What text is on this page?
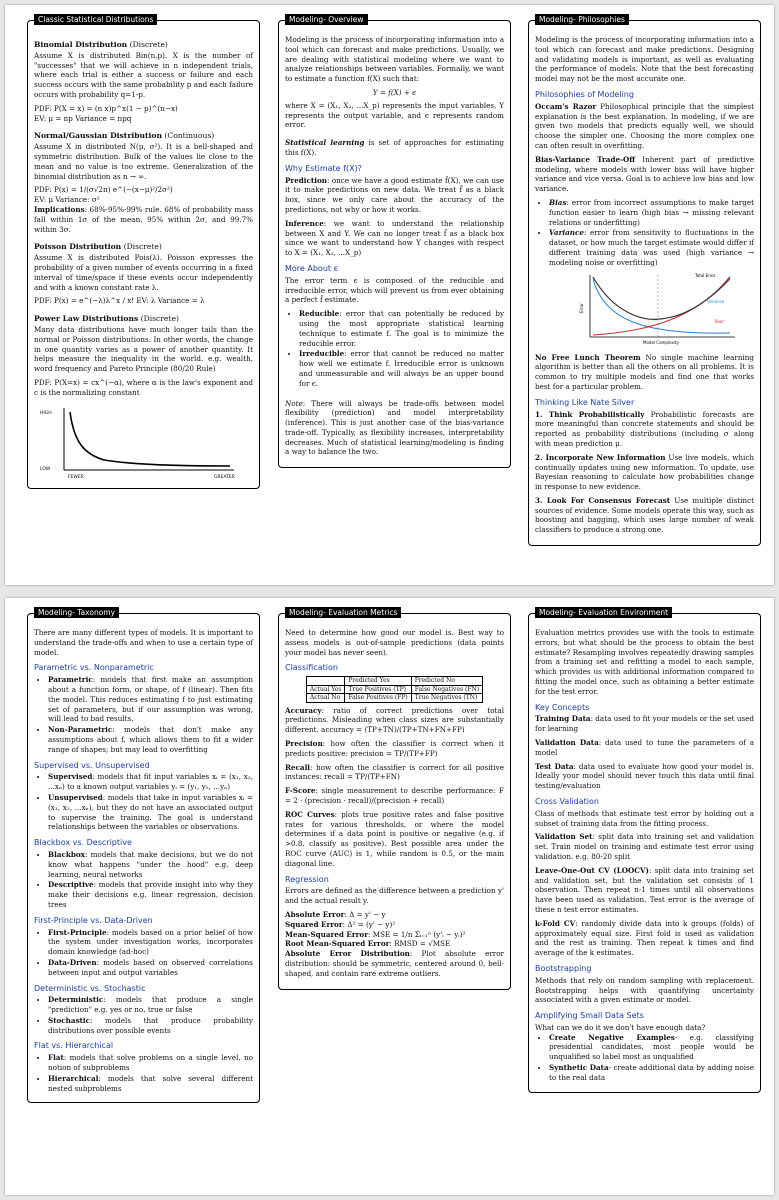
Classic Statistical Distributions
Binomial Distribution (Discrete)

Assume X is distributed Bin(n,p). X is the number of "successes" that we will achieve in n independent trials, where each trial is either a success or failure and each success occurs with the same probability p and each failure occurs with probability q=1-p.

PDF: P(X = x) = (n x)p^x(1 − p)^(n−x)
EV: μ = np Variance = npq
Normal/Gaussian Distribution (Continuous)

Assume X in distributed N(μ, σ²). It is a bell-shaped and symmetric distribution. Bulk of the values lie close to the mean and no value is too extreme. Generalization of the binomial distribution as n → ∞.

PDF: P(x) = 1/(σ√2π) e^(−(x−μ)²/2σ²)
EV: μ Variance: σ²

Implications: 68%-95%-99% rule. 68% of probability mass fall within 1σ of the mean, 95% within 2σ, and 99.7% within 3σ.

Poisson Distribution (Discrete)

Assume X is distributed Pois(λ). Poisson expresses the probability of a given number of events occurring in a fixed interval of time/space if these events occur independently and with a known constant rate λ.

PDF: P(x) = e^(−λ)λ^x / x! EV: λ Variance = λ
Power Law Distributions (Discrete)

Many data distributions have much longer tails than the normal or Poisson distributions. In other words, the change in one quantity varies as a power of another quantity. It helps measure the inequality in the world. e.g. wealth, word frequency and Pareto Principle (80/20 Rule)

PDF: P(X=x) = cx^(−α), where α is the law's exponent and c is the normalizing constant

HIGH
LOW
FEWER	GREATER
Modeling- Overview

Modeling is the process of incorporating information into a tool which can forecast and make predictions. Usually, we are dealing with statistical modeling where we want to analyze relationships between variables. Formally, we want to estimate a function f(X) such that:

Y = f(X) + ϵ

where X = (X₁, X₂, ...X_p) represents the input variables, Y represents the output variable, and ϵ represents random error.

Statistical learning is set of approaches for estimating this f(X).

Why Estimate f(X)?

Prediction: once we have a good estimate f̂(X), we can use it to make predictions on new data. We treat f̂ as a black box, since we only care about the accuracy of the predictions, not why or how it works.

Inference: we want to understand the relationship between X and Y. We can no longer treat f̂ as a black box since we want to understand how Y changes with respect to X = (X₁, X₂, ...X_p)

More About ϵ

The error term ϵ is composed of the reducible and irreducible error, which will prevent us from ever obtaining a perfect f̂ estimate.

• Reducible: error that can potentially be reduced by using the most appropriate statistical learning technique to estimate f. The goal is to minimize the reducible error.
• Irreducible: error that cannot be reduced no matter how well we estimate f. Irreducible error is unknown and unmeasurable and will always be an upper bound for ϵ.

Note: There will always be trade-offs between model flexibility (prediction) and model interpretability (inference). This is just another case of the bias-variance trade-off. Typically, as flexibility increases, interpretability decreases. Much of statistical learning/modeling is finding a way to balance the two.

Modeling- Philosophies

Modeling is the process of incorporating information into a tool which can forecast and make predictions. Designing and validating models is important, as well as evaluating the performance of models. Note that the best forecasting model may not be the most accurate one.

Philosophies of Modeling

Occam's Razor Philosophical principle that the simplest explanation is the best explanation. In modeling, if we are given two models that predicts equally well, we should choose the simpler one. Choosing the more complex one can often result in overfitting.

Bias-Variance Trade-Off Inherent part of predictive modeling, where models with lower bias will have higher variance and vice versa. Goal is to achieve low bias and low variance.

• Bias: error from incorrect assumptions to make target function easier to learn (high bias → missing relevant relations or underfitting)
• Variance: error from sensitivity to fluctuations in the dataset, or how much the target estimate would differ if different training data was used (high variance → modeling noise or overfitting)
Total Error
Variance
Bias²
Model Complexity
Error

No Free Lunch Theorem No single machine learning algorithm is better than all the others on all problems. It is common to try multiple models and find one that works best for a particular problem.

Thinking Like Nate Silver

1. Think Probabilistically Probabilistic forecasts are more meaningful than concrete statements and should be reported as probability distributions (including σ along with mean prediction μ.

2. Incorporate New Information Use live models, which continually updates using new information. To update, use Bayesian reasoning to calculate how probabilities change in response to new evidence.

3. Look For Consensus Forecast Use multiple distinct sources of evidence. Some models operate this way, such as boosting and bagging, which uses large number of weak classifiers to produce a strong one.

Modeling- Taxonomy

There are many different types of models. It is important to understand the trade-offs and when to use a certain type of model.

Parametric vs. Nonparametric
• Parametric: models that first make an assumption about a function form, or shape, of f (linear). Then fits the model. This reduces estimating f to just estimating set of parameters, but if our assumption was wrong, will lead to bad results.
• Non-Parametric: models that don't make any assumptions about f, which allows them to fit a wider range of shapes; but may lead to overfitting
Supervised vs. Unsupervised
• Supervised: models that fit input variables xᵢ = (x₁, x₂, ...xₙ) to a known output variables yᵢ = (y₁, y₂, ...yₙ)
• Unsupervised: models that take in input variables xᵢ = (x₁, x₂, ...xₙ), but they do not have an associated output to supervise the training. The goal is understand relationships between the variables or observations.
Blackbox vs. Descriptive
• Blackbox: models that make decisions, but we do not know what happens "under the hood" e.g. deep learning, neural networks
• Descriptive: models that provide insight into why they make their decisions e.g. linear regression, decision trees
First-Principle vs. Data-Driven
• First-Principle: models based on a prior belief of how the system under investigation works, incorporates domain knowledge (ad-hoc)
• Data-Driven: models based on observed correlations between input and output variables
Deterministic vs. Stochastic
• Deterministic: models that produce a single "prediction" e.g. yes or no, true or false
• Stochastic: models that produce probability distributions over possible events
Flat vs. Hierarchical
• Flat: models that solve problems on a single level, no notion of subproblems
• Hierarchical: models that solve several different nested subproblems
Modeling- Evaluation Metrics

Need to determine how good our model is. Best way to assess models is out-of-sample predictions (data points your model has never seen).

Classification
	Predicted Yes	Predicted No
Actual Yes	True Positives (TP)	False Negatives (FN)
Actual No	False Positives (FP)	True Negatives (TN)

Accuracy: ratio of correct predictions over total predictions. Misleading when class sizes are substantially different. accuracy = (TP+TN)/(TP+TN+FN+FP)

Precision: how often the classifier is correct when it predicts positive: precision = TP/(TP+FP)

Recall: how often the classifier is correct for all positive instances: recall = TP/(TP+FN)

F-Score: single measurement to describe performance: F = 2 · (precision · recall)/(precision + recall)

ROC Curves: plots true positive rates and false positive rates for various thresholds, or where the model determines if a data point is positive or negative (e.g. if >0.8, classify as positive). Best possible area under the ROC curve (AUC) is 1, while random is 0.5, or the main diagonal line.

Regression

Errors are defined as the difference between a prediction y' and the actual result y.

Absolute Error: Δ = y' − y
Squared Error: Δ² = (y' − y)²
Mean-Squared Error: MSE = 1/n Σᵢ₌₁ⁿ (y'ᵢ − yᵢ)²
Root Mean-Squared Error: RMSD = √MSE

Absolute Error Distribution: Plot absolute error distribution: should be symmetric, centered around 0, bell-shaped, and contain rare extreme outliers.

Modeling- Evaluation Environment

Evaluation metrics provides use with the tools to estimate errors, but what should be the process to obtain the best estimate? Resampling involves repeatedly drawing samples from a training set and refitting a model to each sample, which provides us with additional information compared to fitting the model once, such as obtaining a better estimate for the test error.

Key Concepts

Training Data: data used to fit your models or the set used for learning

Validation Data: data used to tune the parameters of a model

Test Data: data used to evaluate how good your model is. Ideally your model should never touch this data until final testing/evaluation

Cross Validation

Class of methods that estimate test error by holding out a subset of training data from the fitting process.

Validation Set: split data into training set and validation set. Train model on training and estimate test error using validation. e.g. 80-20 split

Leave-One-Out CV (LOOCV): split data into training set and validation set, but the validation set consists of 1 observation. Then repeat n-1 times until all observations have been used as validation. Test error is the average of these n test error estimates.

k-Fold CV: randomly divide data into k groups (folds) of approximately equal size. First fold is used as validation and the rest as training. Then repeat k times and find average of the k estimates.

Bootstrapping

Methods that rely on random sampling with replacement. Bootstrapping helps with quantifying uncertainty associated with a given estimate or model.

Amplifying Small Data Sets
What can we do it we don't have enough data?
• Create Negative Examples- e.g. classifying presidential candidates, most people would be unqualified so label most as unqualified
• Synthetic Data- create additional data by adding noise to the real data
